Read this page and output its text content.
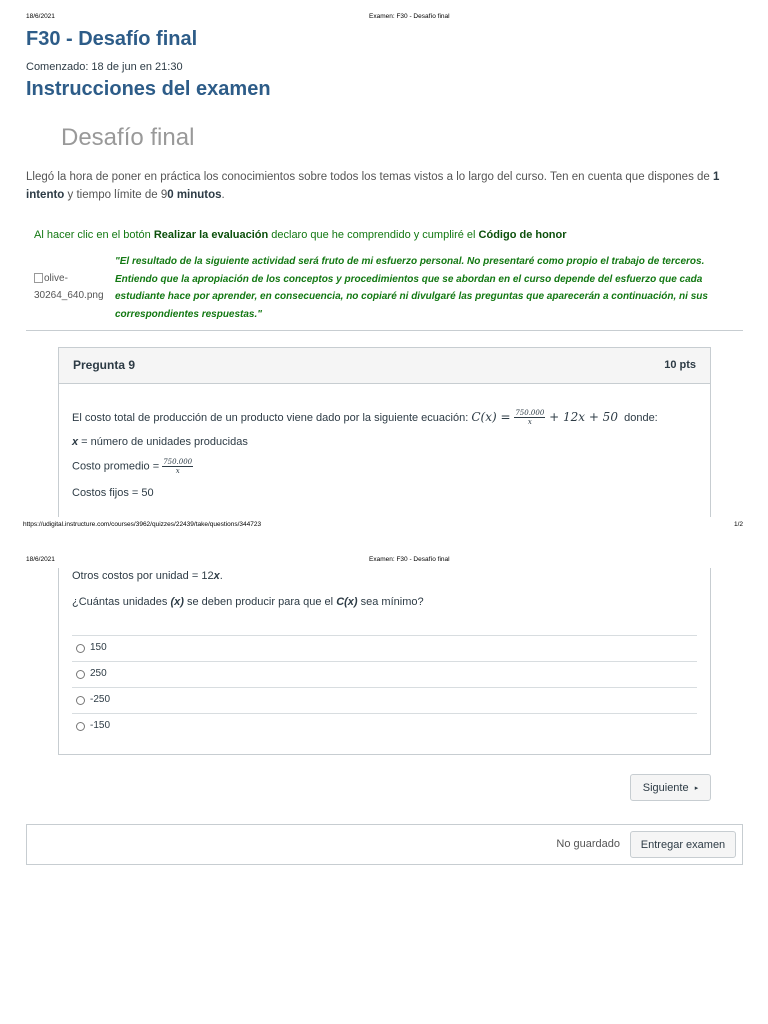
18/6/2021	Examen: F30 - Desafío final
F30 - Desafío final
Comenzado: 18 de jun en 21:30
Instrucciones del examen
Desafío final
Llegó la hora de poner en práctica los conocimientos sobre todos los temas vistos a lo largo del curso. Ten en cuenta que dispones de 1 intento y tiempo límite de 90 minutos.
Al hacer clic en el botón Realizar la evaluación declaro que he comprendido y cumpliré el Código de honor
olive-30264_640.png
"El resultado de la siguiente actividad será fruto de mi esfuerzo personal. No presentaré como propio el trabajo de terceros. Entiendo que la apropiación de los conceptos y procedimientos que se abordan en el curso depende del esfuerzo que cada estudiante hace por aprender, en consecuencia, no copiaré ni divulgaré las preguntas que aparecerán a continuación, ni sus correspondientes respuestas."
Pregunta 9	10 pts
El costo total de producción de un producto viene dado por la siguiente ecuación: $C(x) = \frac{750.000}{x} + 12x + 50$ donde:
x = número de unidades producidas
Costo promedio = $\frac{750.000}{x}$
Costos fijos = 50
https://udigital.instructure.com/courses/3962/quizzes/22439/take/questions/344723	1/2
18/6/2021	Examen: F30 - Desafío final
Otros costos por unidad = 12x.
¿Cuántas unidades (x) se deben producir para que el C(x) sea mínimo?
150
250
-250
-150
Siguiente
▸
No guardado	Entregar examen
